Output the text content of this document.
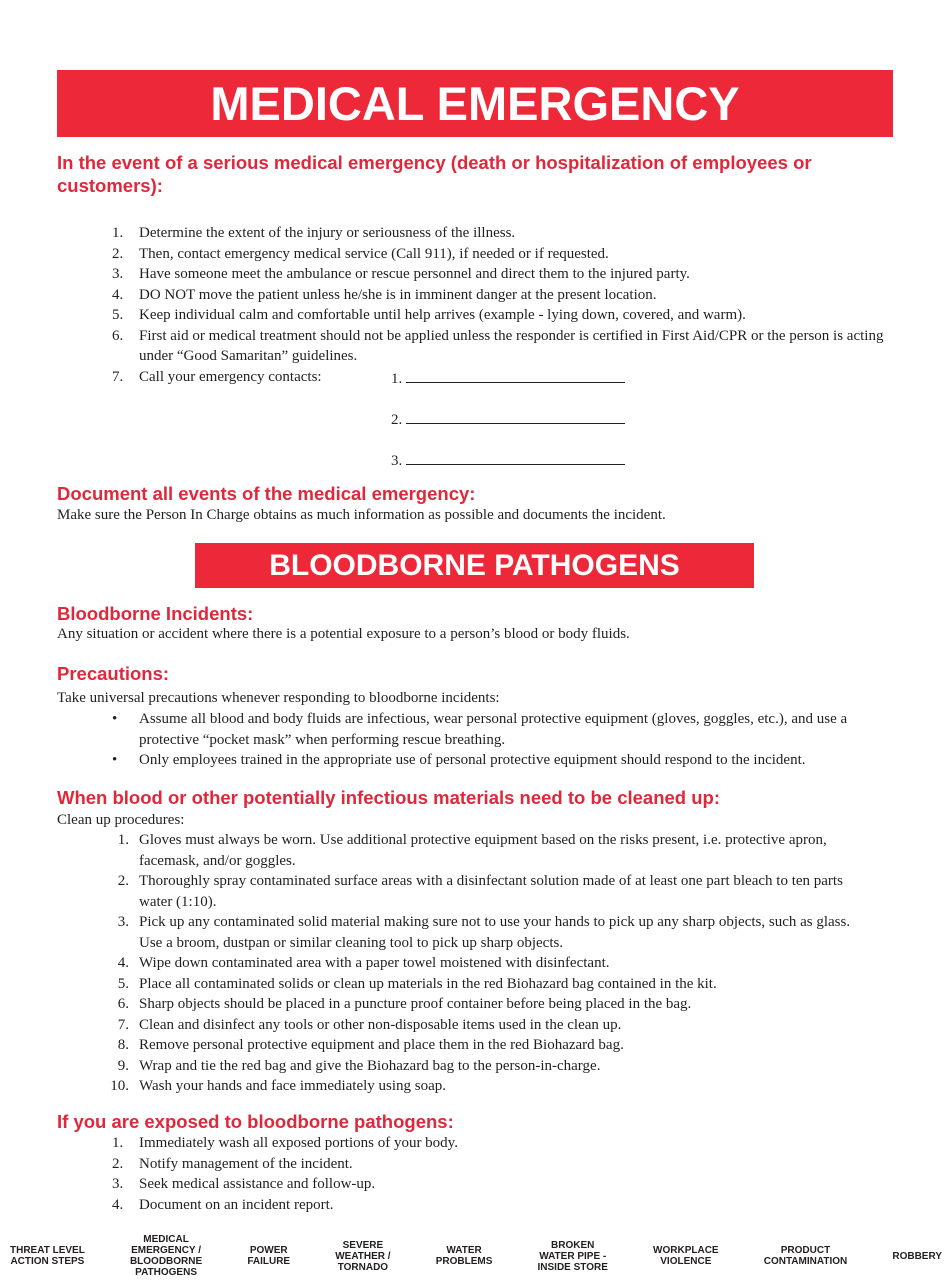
MEDICAL EMERGENCY
In the event of a serious medical emergency (death or hospitalization of employees or customers):
1. Determine the extent of the injury or seriousness of the illness.
2. Then, contact emergency medical service (Call 911), if needed or if requested.
3. Have someone meet the ambulance or rescue personnel and direct them to the injured party.
4. DO NOT move the patient unless he/she is in imminent danger at the present location.
5. Keep individual calm and comfortable until help arrives (example - lying down, covered, and warm).
6. First aid or medical treatment should not be applied unless the responder is certified in First Aid/CPR or the person is acting under “Good Samaritan” guidelines.
7. Call your emergency contacts:	1.
2.
3.
Document all events of the medical emergency:
Make sure the Person In Charge obtains as much information as possible and documents the incident.
BLOODBORNE PATHOGENS
Bloodborne Incidents:
Any situation or accident where there is a potential exposure to a person’s blood or body fluids.
Precautions:
Take universal precautions whenever responding to bloodborne incidents:
• Assume all blood and body fluids are infectious, wear personal protective equipment (gloves, goggles, etc.), and use a protective “pocket mask” when performing rescue breathing.
• Only employees trained in the appropriate use of personal protective equipment should respond to the incident.
When blood or other potentially infectious materials need to be cleaned up:
Clean up procedures:
1. Gloves must always be worn. Use additional protective equipment based on the risks present, i.e. protective apron, facemask, and/or goggles.
2. Thoroughly spray contaminated surface areas with a disinfectant solution made of at least one part bleach to ten parts water (1:10).
3. Pick up any contaminated solid material making sure not to use your hands to pick up any sharp objects, such as glass. Use a broom, dustpan or similar cleaning tool to pick up sharp objects.
4. Wipe down contaminated area with a paper towel moistened with disinfectant.
5. Place all contaminated solids or clean up materials in the red Biohazard bag contained in the kit.
6. Sharp objects should be placed in a puncture proof container before being placed in the bag.
7. Clean and disinfect any tools or other non-disposable items used in the clean up.
8. Remove personal protective equipment and place them in the red Biohazard bag.
9. Wrap and tie the red bag and give the Biohazard bag to the person-in-charge.
10. Wash your hands and face immediately using soap.
If you are exposed to bloodborne pathogens:
1. Immediately wash all exposed portions of your body.
2. Notify management of the incident.
3. Seek medical assistance and follow-up.
4. Document on an incident report.
THREAT LEVEL
ACTION STEPS
MEDICAL
EMERGENCY /
BLOODBORNE
PATHOGENS
POWER
FAILURE
SEVERE
WEATHER /
TORNADO
WATER
PROBLEMS
BROKEN
WATER PIPE -
INSIDE STORE
WORKPLACE
VIOLENCE
PRODUCT
CONTAMINATION	ROBBERY
